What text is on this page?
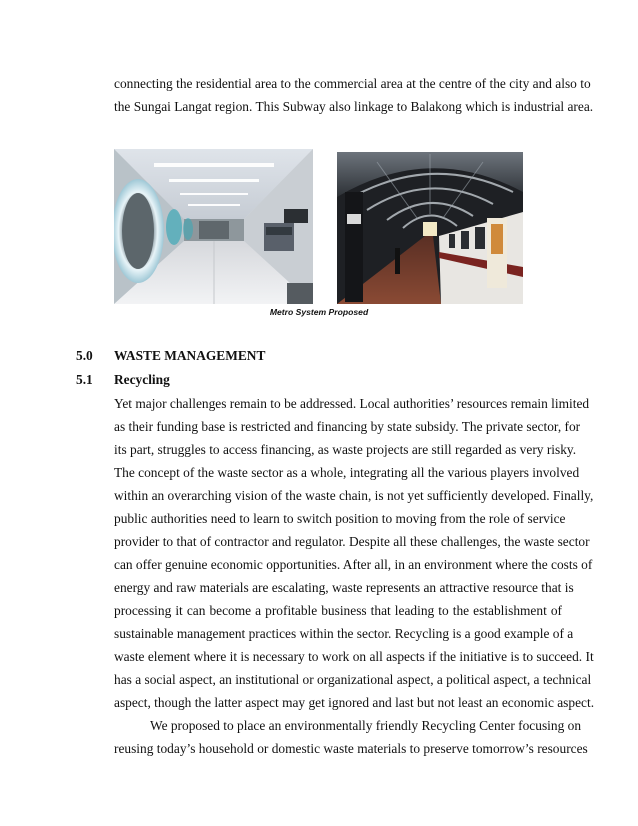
connecting the residential area to the commercial area at the centre of the city and also to
the Sungai Langat region. This Subway also linkage to Balakong which is industrial area.
Metro System Proposed
5.0 WASTE MANAGEMENT
5.1 Recycling
Yet major challenges remain to be addressed. Local authorities’ resources remain limited
as their funding base is restricted and financing by state subsidy. The private sector, for
its part, struggles to access financing, as waste projects are still regarded as very risky.
The concept of the waste sector as a whole, integrating all the various players involved
within an overarching vision of the waste chain, is not yet sufficiently developed. Finally,
public authorities need to learn to switch position to moving from the role of service
provider to that of contractor and regulator. Despite all these challenges, the waste sector
can offer genuine economic opportunities. After all, in an environment where the costs of
energy and raw materials are escalating, waste represents an attractive resource that is
processing it can become a profitable business that leading to the establishment of
sustainable management practices within the sector. Recycling is a good example of a
waste element where it is necessary to work on all aspects if the initiative is to succeed. It
has a social aspect, an institutional or organizational aspect, a political aspect, a technical
aspect, though the latter aspect may get ignored and last but not least an economic aspect.
We proposed to place an environmentally friendly Recycling Center focusing on
reusing today’s household or domestic waste materials to preserve tomorrow’s resources
